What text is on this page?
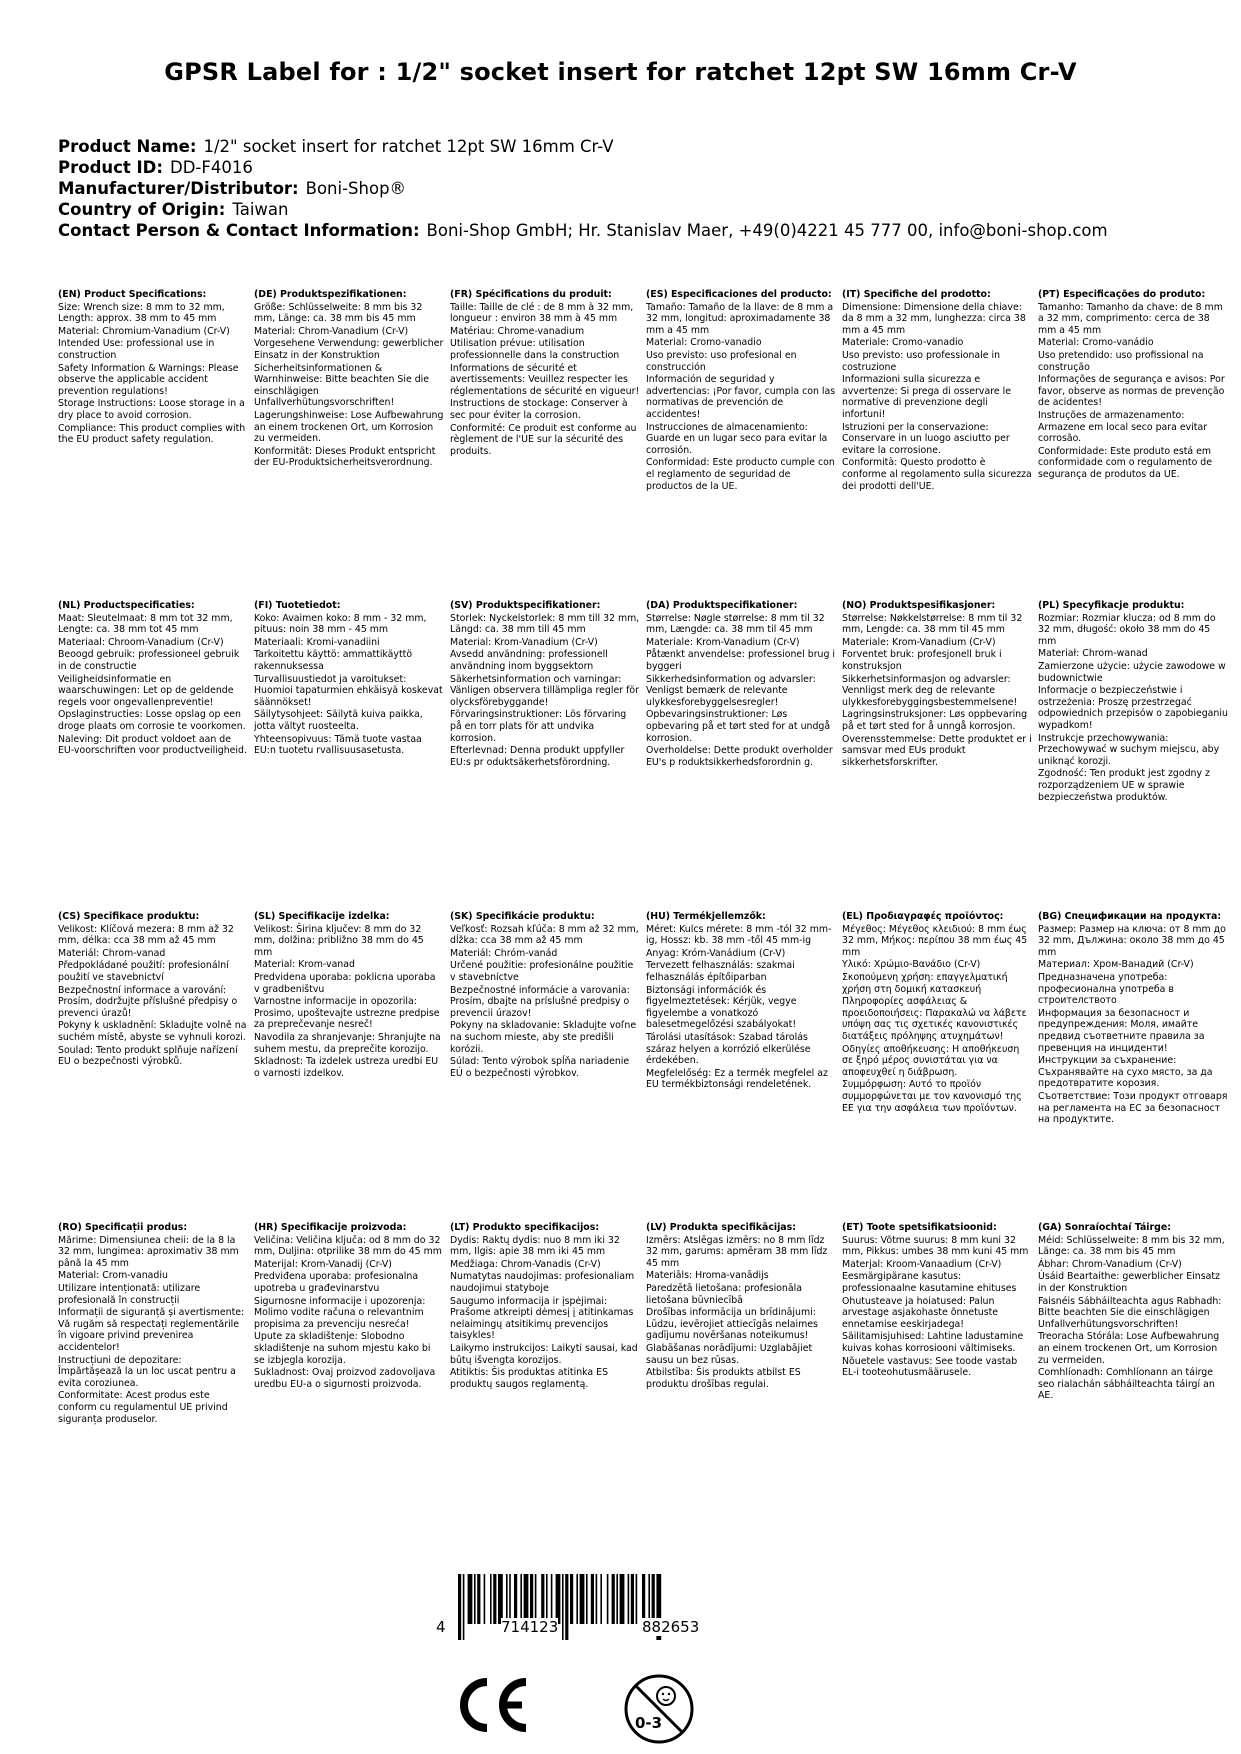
GPSR Label for : 1/2" socket insert for ratchet 12pt SW 16mm Cr-V
Product Name: 1/2" socket insert for ratchet 12pt SW 16mm Cr-V
Product ID: DD-F4016
Manufacturer/Distributor: Boni-Shop®
Country of Origin: Taiwan
Contact Person & Contact Information: Boni-Shop GmbH; Hr. Stanislav Maer, +49(0)4221 45 777 00, info@boni-shop.com
(EN) Product Specifications:
Size: Wrench size: 8 mm to 32 mm, Length: approx. 38 mm to 45 mm
Material: Chromium-Vanadium (Cr-V)
Intended Use: professional use in construction
Safety Information & Warnings: Please observe the applicable accident prevention regulations!
Storage Instructions: Loose storage in a dry place to avoid corrosion.
Compliance: This product complies with the EU product safety regulation.
(DE) Produktspezifikationen:
Größe: Schlüsselweite: 8 mm bis 32 mm, Länge: ca. 38 mm bis 45 mm
Material: Chrom-Vanadium (Cr-V)
Vorgesehene Verwendung: gewerblicher Einsatz in der Konstruktion
Sicherheitsinformationen & Warnhinweise: Bitte beachten Sie die einschlägigen Unfallverhütungsvorschriften!
Lagerungshinweise: Lose Aufbewahrung an einem trockenen Ort, um Korrosion zu vermeiden.
Konformität: Dieses Produkt entspricht der EU-Produktsicherheitsverordnung.
(FR) Spécifications du produit:
Taille: Taille de clé : de 8 mm à 32 mm, longueur : environ 38 mm à 45 mm
Matériau: Chrome-vanadium
Utilisation prévue: utilisation professionnelle dans la construction
Informations de sécurité et avertissements: Veuillez respecter les réglementations de sécurité en vigueur!
Instructions de stockage: Conserver à sec pour éviter la corrosion.
Conformité: Ce produit est conforme au règlement de l'UE sur la sécurité des produits.
(ES) Especificaciones del producto:
Tamaño: Tamaño de la llave: de 8 mm a 32 mm, longitud: aproximadamente 38 mm a 45 mm
Material: Cromo-vanadio
Uso previsto: uso profesional en construcción
Información de seguridad y advertencias: ¡Por favor, cumpla con las normativas de prevención de accidentes!
Instrucciones de almacenamiento: Guarde en un lugar seco para evitar la corrosión.
Conformidad: Este producto cumple con el reglamento de seguridad de productos de la UE.
(IT) Specifiche del prodotto:
Dimensione: Dimensione della chiave: da 8 mm a 32 mm, lunghezza: circa 38 mm a 45 mm
Materiale: Cromo-vanadio
Uso previsto: uso professionale in costruzione
Informazioni sulla sicurezza e avvertenze: Si prega di osservare le normative di prevenzione degli infortuni!
Istruzioni per la conservazione: Conservare in un luogo asciutto per evitare la corrosione.
Conformità: Questo prodotto è conforme al regolamento sulla sicurezza dei prodotti dell'UE.
(PT) Especificações do produto:
Tamanho: Tamanho da chave: de 8 mm a 32 mm, comprimento: cerca de 38 mm a 45 mm
Material: Cromo-vanádio
Uso pretendido: uso profissional na construção
Informações de segurança e avisos: Por favor, observe as normas de prevenção de acidentes!
Instruções de armazenamento: Armazene em local seco para evitar corrosão.
Conformidade: Este produto está em conformidade com o regulamento de segurança de produtos da UE.
(NL) Productspecificaties:
Maat: Sleutelmaat: 8 mm tot 32 mm, Lengte: ca. 38 mm tot 45 mm
Materiaal: Chroom-Vanadium (Cr-V)
Beoogd gebruik: professioneel gebruik in de constructie
Veiligheidsinformatie en waarschuwingen: Let op de geldende regels voor ongevallenpreventie!
Opslaginstructies: Losse opslag op een droge plaats om corrosie te voorkomen.
Naleving: Dit product voldoet aan de EU-voorschriften voor productveiligheid.
(FI) Tuotetiedot:
Koko: Avaimen koko: 8 mm - 32 mm, pituus: noin 38 mm - 45 mm
Materiaali: Kromi-vanadiini
Tarkoitettu käyttö: ammattikäyttö rakennuksessa
Turvallisuustiedot ja varoitukset: Huomioi tapaturmien ehkäisyä koskevat säännökset!
Säilytysohjeet: Säilytä kuiva paikka, jotta vältyt ruosteelta.
Yhteensopivuus: Tämä tuote vastaa EU:n tuotetu rvallisuusasetusta.
(SV) Produktspecifikationer:
Storlek: Nyckelstorlek: 8 mm till 32 mm, Längd: ca. 38 mm till 45 mm
Material: Krom-Vanadium (Cr-V)
Avsedd användning: professionell användning inom byggsektorn
Säkerhetsinformation och varningar: Vänligen observera tillämpliga regler för olycksförebyggande!
Förvaringsinstruktioner: Lös förvaring på en torr plats för att undvika korrosion.
Efterlevnad: Denna produkt uppfyller EU:s pr oduktsäkerhetsförordning.
(DA) Produktspecifikationer:
Størrelse: Nøgle størrelse: 8 mm til 32 mm, Længde: ca. 38 mm til 45 mm
Materiale: Krom-Vanadium (Cr-V)
Påtænkt anvendelse: professionel brug i byggeri
Sikkerhedsinformation og advarsler: Venligst bemærk de relevante ulykkesforebyggelsesregler!
Opbevaringsinstruktioner: Løs opbevaring på et tørt sted for at undgå korrosion.
Overholdelse: Dette produkt overholder EU's p roduktsikkerhedsforordnin g.
(NO) Produktspesifikasjoner:
Størrelse: Nøkkelstørrelse: 8 mm til 32 mm, Lengde: ca. 38 mm til 45 mm
Materiale: Krom-Vanadium (Cr-V)
Forventet bruk: profesjonell bruk i konstruksjon
Sikkerhetsinformasjon og advarsler: Vennligst merk deg de relevante ulykkesforebyggingsbestemmelsene!
Lagringsinstruksjoner: Løs oppbevaring på et tørt sted for å unngå korrosjon.
Overensstemmelse: Dette produktet er i samsvar med EUs produkt sikkerhetsforskrifter.
(PL) Specyfikacje produktu:
Rozmiar: Rozmiar klucza: od 8 mm do 32 mm, długość: około 38 mm do 45 mm
Materiał: Chrom-wanad
Zamierzone użycie: użycie zawodowe w budownictwie
Informacje o bezpieczeństwie i ostrzeżenia: Proszę przestrzegać odpowiednich przepisów o zapobieganiu wypadkom!
Instrukcje przechowywania: Przechowywać w suchym miejscu, aby uniknąć korozji.
Zgodność: Ten produkt jest zgodny z rozporządzeniem UE w sprawie bezpieczeństwa produktów.
(CS) Specifikace produktu:
Velikost: Klíčová mezera: 8 mm až 32 mm, délka: cca 38 mm až 45 mm
Materiál: Chrom-vanad
Předpokládané použití: profesionální použití ve stavebnictví
Bezpečnostní informace a varování: Prosím, dodržujte příslušné předpisy o prevenci úrazů!
Pokyny k uskladnění: Skladujte volně na suchém místě, abyste se vyhnuli korozi.
Soulad: Tento produkt splňuje nařízení EU o bezpečnosti výrobků.
(SL) Specifikacije izdelka:
Velikost: Širina ključev: 8 mm do 32 mm, dolžina: približno 38 mm do 45 mm
Material: Krom-vanad
Predvidena uporaba: poklicna uporaba v gradbeništvu
Varnostne informacije in opozorila: Prosimo, upoštevajte ustrezne predpise za preprečevanje nesreč!
Navodila za shranjevanje: Shranjujte na suhem mestu, da preprečite korozijo.
Skladnost: Ta izdelek ustreza uredbi EU o varnosti izdelkov.
(SK) Špecifikácie produktu:
Veľkosť: Rozsah kľúča: 8 mm až 32 mm, dĺžka: cca 38 mm až 45 mm
Materiál: Chróm-vanád
Určené použitie: profesionálne použitie v stavebníctve
Bezpečnostné informácie a varovania: Prosím, dbajte na príslušné predpisy o prevencii úrazov!
Pokyny na skladovanie: Skladujte voľne na suchom mieste, aby ste predišli korózii.
Súlad: Tento výrobok spĺňa nariadenie EÚ o bezpečnosti výrobkov.
(HU) Termékjellemzők:
Méret: Kulcs mérete: 8 mm -tól 32 mm-ig, Hossz: kb. 38 mm -től 45 mm-ig
Anyag: Króm-Vanádium (Cr-V)
Tervezett felhasználás: szakmai felhasználás építőiparban
Biztonsági információk és figyelmeztetések: Kérjük, vegye figyelembe a vonatkozó balesetmegelőzési szabályokat!
Tárolási utasítások: Szabad tárolás száraz helyen a korrózió elkerülése érdekében.
Megfelelőség: Ez a termék megfelel az EU termékbiztonsági rendeletének.
(EL) Προδιαγραφές προϊόντος:
Μέγεθος: Μέγεθος κλειδιού: 8 mm έως 32 mm, Μήκος: περίπου 38 mm έως 45 mm
Υλικό: Χρώμιο-Βανάδιο (Cr-V)
Σκοπούμενη χρήση: επαγγελματική χρήση στη δομική κατασκευή
Πληροφορίες ασφάλειας & προειδοποιήσεις: Παρακαλώ να λάβετε υπόψη σας τις σχετικές κανονιστικές διατάξεις πρόληψης ατυχημάτων!
Οδηγίες αποθήκευσης: Η αποθήκευση σε ξηρό μέρος συνιστάται για να αποφευχθεί η διάβρωση.
Συμμόρφωση: Αυτό το προϊόν συμμορφώνεται με τον κανονισμό της ΕΕ για την ασφάλεια των προϊόντων.
(BG) Спецификации на продукта:
Размер: Размер на ключа: от 8 mm до 32 mm, Дължина: около 38 mm до 45 mm
Материал: Хром-Ванадий (Cr-V)
Предназначена употреба: професионална употреба в строителството
Информация за безопасност и предупреждения: Моля, имайте предвид съответните правила за превенция на инциденти!
Инструкции за съхранение: Съхранявайте на сухо място, за да предотвратите корозия.
Съответствие: Този продукт отговаря на регламента на ЕС за безопасност на продуктите.
(RO) Specificații produs:
Mărime: Dimensiunea cheii: de la 8 la 32 mm, lungimea: aproximativ 38 mm până la 45 mm
Material: Crom-vanadiu
Utilizare intenționată: utilizare profesională în construcții
Informații de siguranță și avertismente: Vă rugăm să respectați reglementările în vigoare privind prevenirea accidentelor!
Instrucțiuni de depozitare: Împărtășează la un loc uscat pentru a evita coroziunea.
Conformitate: Acest produs este conform cu regulamentul UE privind siguranța produselor.
(HR) Specifikacije proizvoda:
Veličina: Veličina ključa: od 8 mm do 32 mm, Duljina: otprilike 38 mm do 45 mm
Materijal: Krom-Vanadij (Cr-V)
Predviđena uporaba: profesionalna upotreba u građevinarstvu
Sigurnosne informacije i upozorenja: Molimo vodite računa o relevantnim propisima za prevenciju nesreća!
Upute za skladištenje: Slobodno skladištenje na suhom mjestu kako bi se izbjegla korozija.
Sukladnost: Ovaj proizvod zadovoljava uredbu EU-a o sigurnosti proizvoda.
(LT) Produkto specifikacijos:
Dydis: Raktų dydis: nuo 8 mm iki 32 mm, Ilgis: apie 38 mm iki 45 mm
Medžiaga: Chrom-Vanadis (Cr-V)
Numatytas naudojimas: profesionaliam naudojimui statyboje
Saugumo informacija ir įspėjimai: Prašome atkreipti dėmesį į atitinkamas nelaimingų atsitikimų prevencijos taisykles!
Laikymo instrukcijos: Laikyti sausai, kad būtų išvengta korozijos.
Atitiktis: Šis produktas atitinka ES produktų saugos reglamentą.
(LV) Produkta specifikācijas:
Izmērs: Atslēgas izmērs: no 8 mm līdz 32 mm, garums: apmēram 38 mm līdz 45 mm
Materiāls: Hroma-vanādijs
Paredzētā lietošana: profesionāla lietošana būvniecībā
Drošības informācija un brīdinājumi: Lūdzu, ievērojiet attiecīgās nelaimes gadījumu novēršanas noteikumus!
Glabāšanas norādījumi: Uzglabājiet sausu un bez rūsas.
Atbilstība: Šis produkts atbilst ES produktu drošības regulai.
(ET) Toote spetsifikatsioonid:
Suurus: Võtme suurus: 8 mm kuni 32 mm, Pikkus: umbes 38 mm kuni 45 mm
Materjal: Kroom-Vanaadium (Cr-V)
Eesmärgipärane kasutus: professionaalne kasutamine ehituses
Ohutusteave ja hoiatused: Palun arvestage asjakohaste õnnetuste ennetamise eeskirjadega!
Säilitamisjuhised: Lahtine ladustamine kuivas kohas korrosiooni vältimiseks.
Nõuetele vastavus: See toode vastab EL-i tooteohutusmäärusele.
(GA) Sonraíochtaí Táirge:
Méid: Schlüsselweite: 8 mm bis 32 mm, Länge: ca. 38 mm bis 45 mm
Ábhar: Chrom-Vanadium (Cr-V)
Úsáid Beartaithe: gewerblicher Einsatz in der Konstruktion
Faisnéis Sábháilteachta agus Rabhadh: Bitte beachten Sie die einschlägigen Unfallverhütungsvorschriften!
Treoracha Stórála: Lose Aufbewahrung an einem trockenen Ort, um Korrosion zu vermeiden.
Comhlíonadh: Comhlíonann an táirge seo rialachán sábháilteachta táirgí an AE.
4	714123	882653
0-3
